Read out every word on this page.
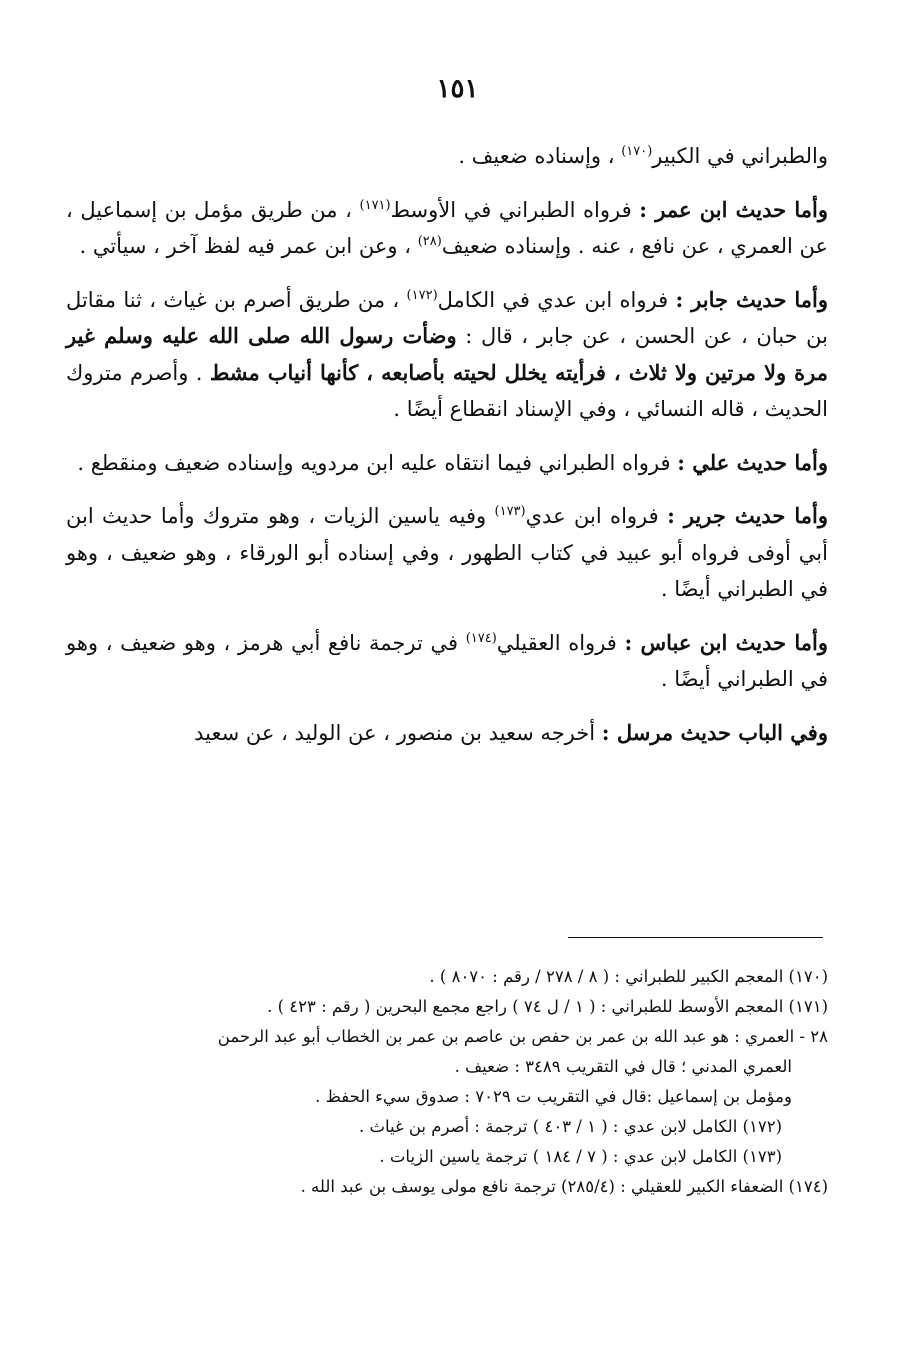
١٥١

والطبراني في الكبير$^{(١٧٠)}$ ، وإسناده ضعيف .

وأما حديث ابن عمر : فرواه الطبراني في الأوسط$^{(١٧١)}$ ، من طريق مؤمل بن إسماعيل ، عن العمري ، عن نافع ، عنه . وإسناده ضعيف$^{(٢٨)}$ ، وعن ابن عمر فيه لفظ آخر ، سيأتي .

وأما حديث جابر : فرواه ابن عدي في الكامل$^{(١٧٢)}$ ، من طريق أصرم بن غياث ، ثنا مقاتل بن حبان ، عن الحسن ، عن جابر ، قال : وضأت رسول الله صلى الله عليه وسلم غير مرة ولا مرتين ولا ثلاث ، فرأيته يخلل لحيته بأصابعه ، كأنها أنياب مشط . وأصرم متروك الحديث ، قاله النسائي ، وفي الإسناد انقطاع أيضًا .

وأما حديث علي : فرواه الطبراني فيما انتقاه عليه ابن مردويه وإسناده ضعيف ومنقطع .

وأما حديث جرير : فرواه ابن عدي$^{(١٧٣)}$ وفيه ياسين الزيات ، وهو متروك وأما حديث ابن أبي أوفى فرواه أبو عبيد في كتاب الطهور ، وفي إسناده أبو الورقاء ، وهو ضعيف ، وهو في الطبراني أيضًا .

وأما حديث ابن عباس : فرواه العقيلي$^{(١٧٤)}$ في ترجمة نافع أبي هرمز ، وهو ضعيف ، وهو في الطبراني أيضًا .

وفي الباب حديث مرسل : أخرجه سعيد بن منصور ، عن الوليد ، عن سعيد

(١٧٠) المعجم الكبير للطبراني : ( ٨ / ٢٧٨ / رقم : ٨٠٧٠ ) .

(١٧١) المعجم الأوسط للطبراني : ( ١ / ل ٧٤ ) راجع مجمع البحرين ( رقم : ٤٢٣ ) .

٢٨ - العمري : هو عبد الله بن عمر بن حفص بن عاصم بن عمر بن الخطاب أبو عبد الرحمن

العمري المدني ؛ قال في التقريب ٣٤٨٩ : ضعيف .

ومؤمل بن إسماعيل :قال في التقريب ت ٧٠٢٩ : صدوق سيء الحفظ .

(١٧٢) الكامل لابن عدي : ( ١ / ٤٠٣ ) ترجمة : أصرم بن غياث .

(١٧٣) الكامل لابن عدي : ( ٧ / ١٨٤ ) ترجمة ياسين الزيات .

(١٧٤) الضعفاء الكبير للعقيلي : (٢٨٥/٤) ترجمة نافع مولى يوسف بن عبد الله .
